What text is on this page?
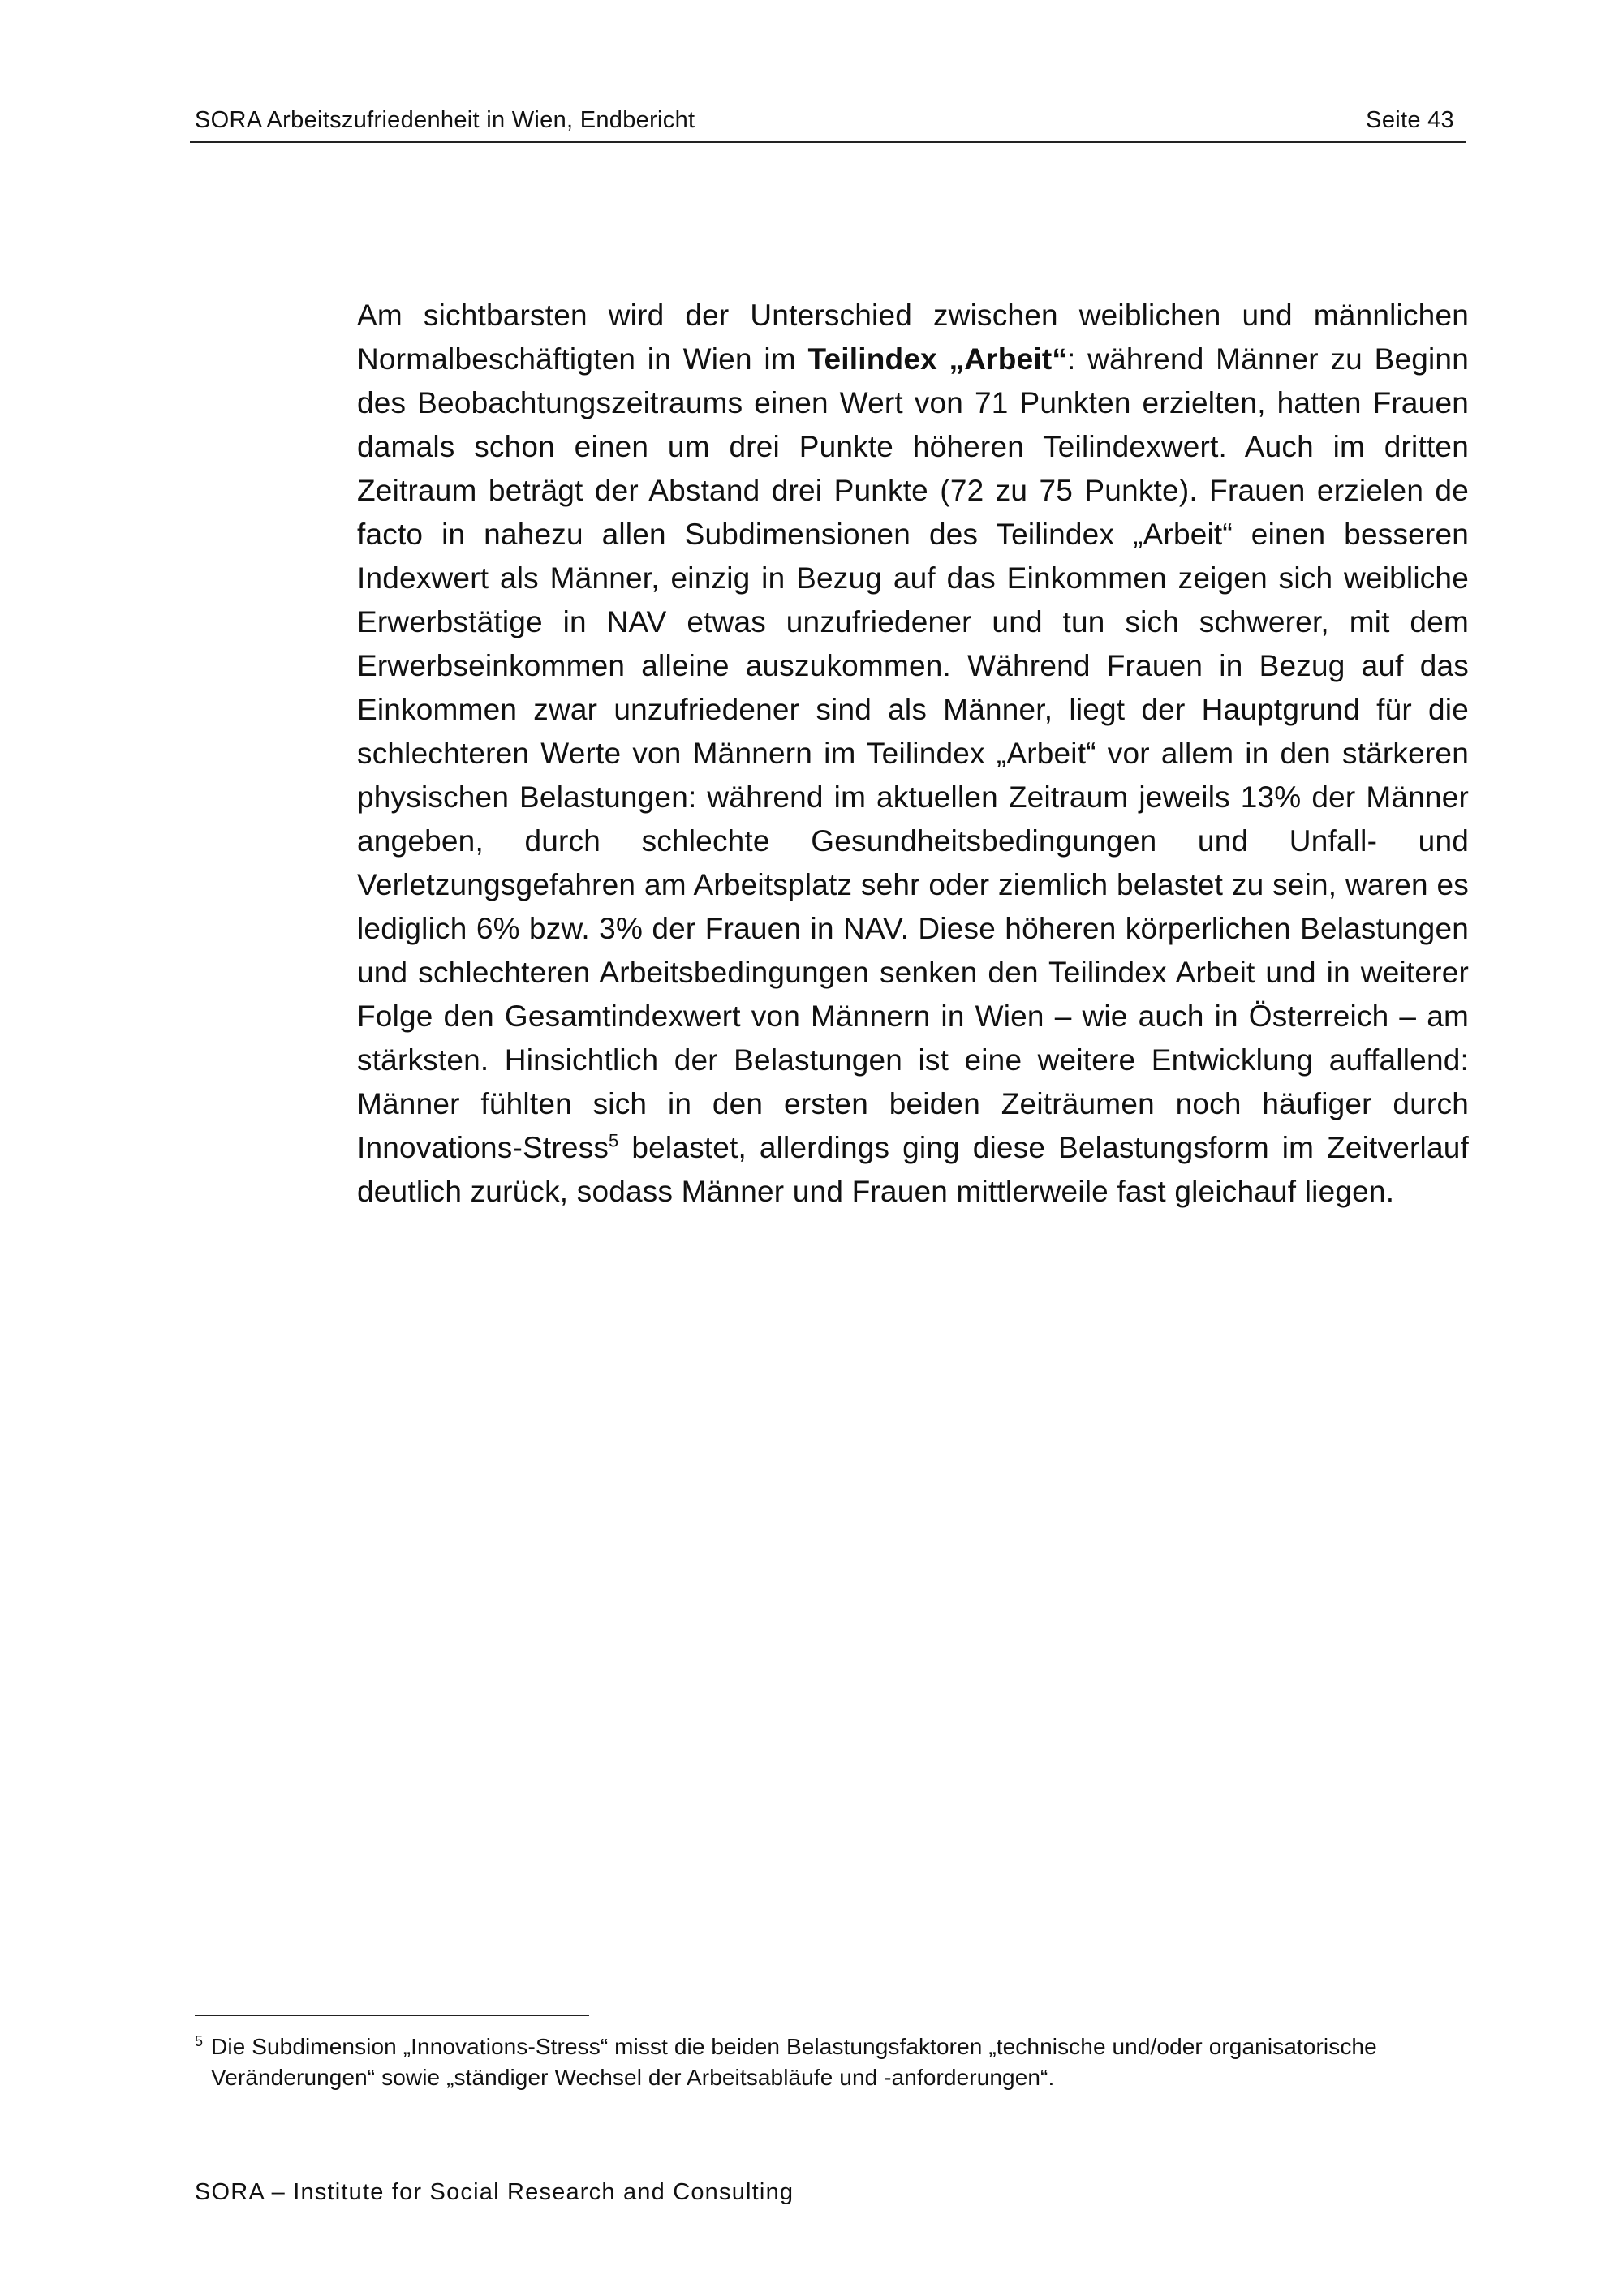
SORA Arbeitszufriedenheit in Wien, Endbericht	Seite 43
Am sichtbarsten wird der Unterschied zwischen weiblichen und männlichen Normalbeschäftigten in Wien im Teilindex „Arbeit“: während Männer zu Beginn des Beobachtungszeitraums einen Wert von 71 Punkten erzielten, hatten Frauen damals schon einen um drei Punkte höheren Teilindexwert. Auch im dritten Zeitraum beträgt der Abstand drei Punkte (72 zu 75 Punkte). Frauen erzielen de facto in nahezu allen Subdimensionen des Teilindex „Arbeit“ einen besseren Indexwert als Männer, einzig in Bezug auf das Einkommen zeigen sich weibliche Erwerbstätige in NAV etwas unzufriedener und tun sich schwerer, mit dem Erwerbseinkommen alleine auszukommen. Während Frauen in Bezug auf das Einkommen zwar unzufriedener sind als Männer, liegt der Hauptgrund für die schlechteren Werte von Männern im Teilindex „Arbeit“ vor allem in den stärkeren physischen Belastungen: während im aktuellen Zeitraum jeweils 13% der Männer angeben, durch schlechte Gesundheitsbedingungen und Unfall- und Verletzungsgefahren am Arbeitsplatz sehr oder ziemlich belastet zu sein, waren es lediglich 6% bzw. 3% der Frauen in NAV. Diese höheren körperlichen Belastungen und schlechteren Arbeitsbedingungen senken den Teilindex Arbeit und in weiterer Folge den Gesamtindexwert von Männern in Wien – wie auch in Österreich – am stärksten. Hinsichtlich der Belastungen ist eine weitere Entwicklung auffallend: Männer fühlten sich in den ersten beiden Zeiträumen noch häufiger durch Innovations-Stress$^5$ belastet, allerdings ging diese Belastungsform im Zeitverlauf deutlich zurück, sodass Männer und Frauen mittlerweile fast gleichauf liegen.
5 Die Subdimension „Innovations-Stress“ misst die beiden Belastungsfaktoren „technische und/oder organisatorische
Veränderungen“ sowie „ständiger Wechsel der Arbeitsabläufe und -anforderungen“.
SORA – Institute for Social Research and Consulting
